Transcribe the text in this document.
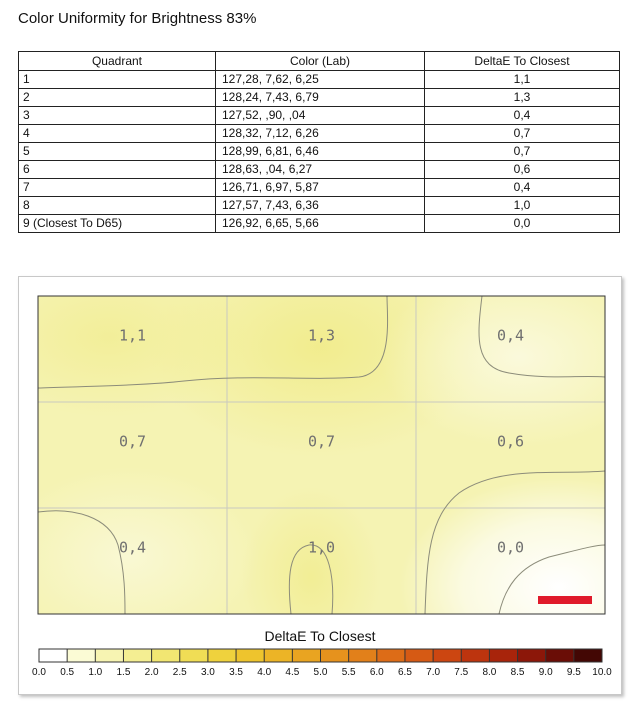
Color Uniformity for Brightness 83%
Quadrant	Color (Lab)	DeltaE To Closest
1	127,28, 7,62, 6,25	1,1
2	128,24, 7,43, 6,79	1,3
3	127,52, ,90, ,04	0,4
4	128,32, 7,12, 6,26	0,7
5	128,99, 6,81, 6,46	0,7
6	128,63, ,04, 6,27	0,6
7	126,71, 6,97, 5,87	0,4
8	127,57, 7,43, 6,36	1,0
9 (Closest To D65)	126,92, 6,65, 5,66	0,0
1,1	1,3	0,4
0,7	0,7	0,6
0,4	1,0	0,0
DeltaE To Closest
0.0 0.5 1.0 1.5 2.0 2.5 3.0 3.5 4.0 4.5 5.0 5.5 6.0 6.5 7.0 7.5 8.0 8.5 9.0 9.5 10.0
